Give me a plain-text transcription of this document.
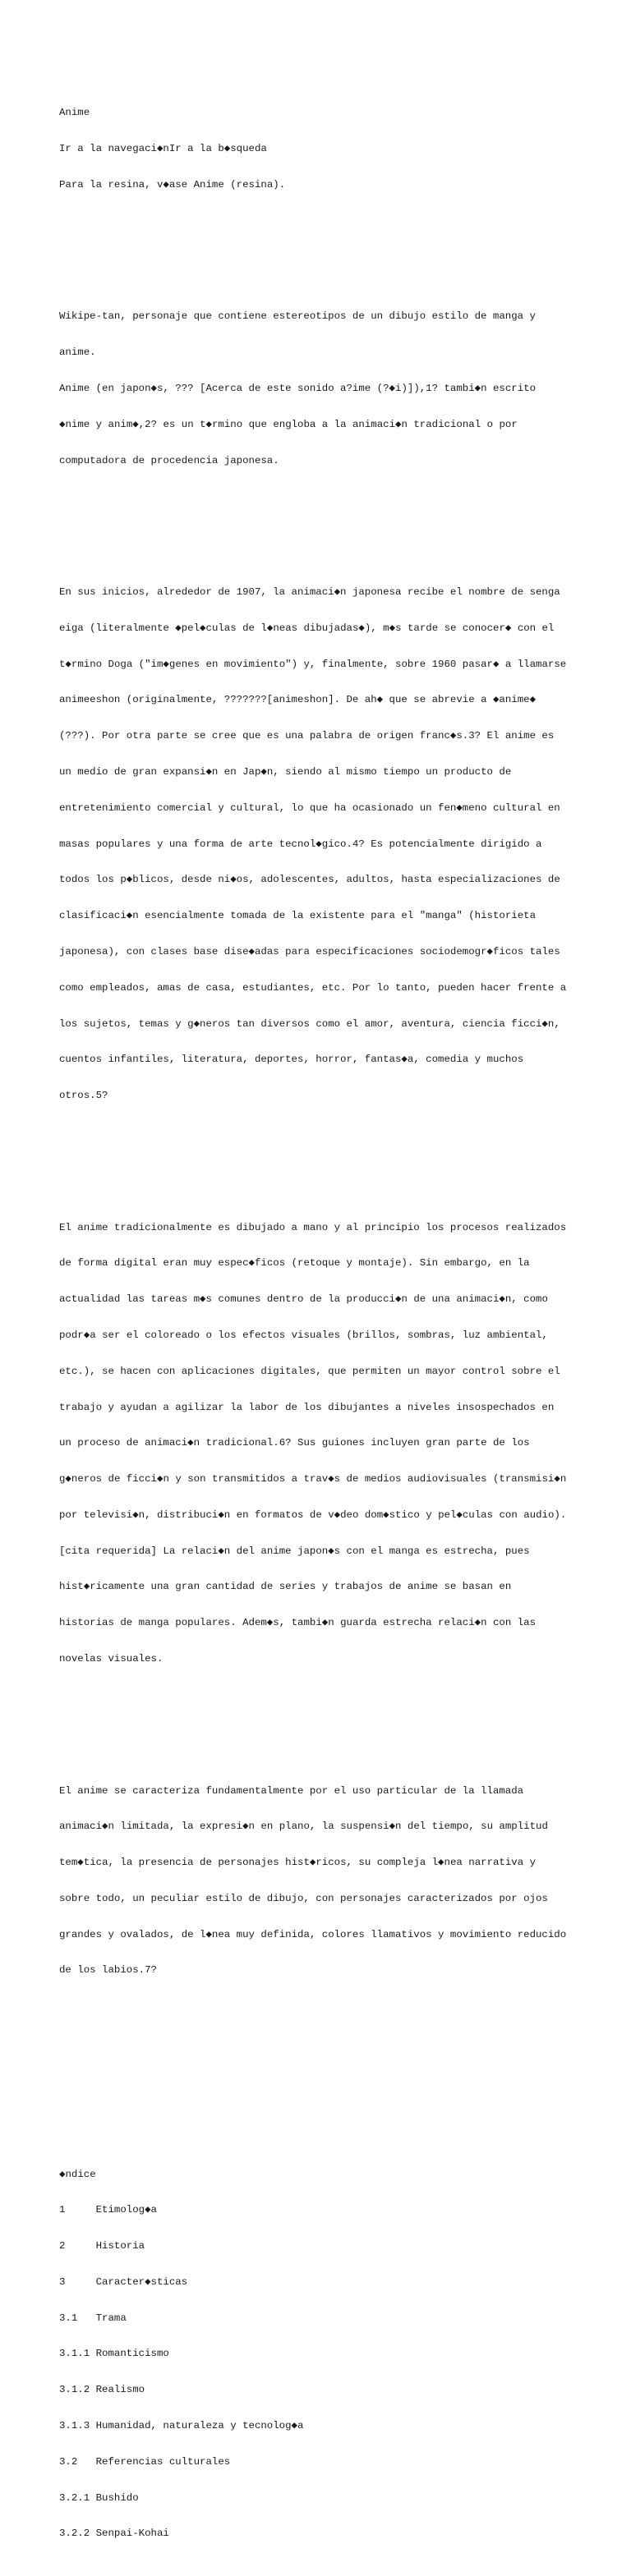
Anime

Ir a la navegaci◆nIr a la b◆squeda

Para la resina, v◆ase Anime (resina).

Wikipe-tan, personaje que contiene estereotipos de un dibujo estilo de manga y

anime.

Anime (en japon◆s, ??? [Acerca de este sonido a?ime (?◆i)]),1? tambi◆n escrito

◆nime y anim◆,2? es un t◆rmino que engloba a la animaci◆n tradicional o por

computadora de procedencia japonesa.

En sus inicios, alrededor de 1907, la animaci◆n japonesa recibe el nombre de senga

eiga (literalmente ◆pel◆culas de l◆neas dibujadas◆), m◆s tarde se conocer◆ con el

t◆rmino Doga ("im◆genes en movimiento") y, finalmente, sobre 1960 pasar◆ a llamarse

animeeshon (originalmente, ???????[animeshon]. De ah◆ que se abrevie a ◆anime◆

(???). Por otra parte se cree que es una palabra de origen franc◆s.3? El anime es

un medio de gran expansi◆n en Jap◆n, siendo al mismo tiempo un producto de

entretenimiento comercial y cultural, lo que ha ocasionado un fen◆meno cultural en

masas populares y una forma de arte tecnol◆gico.4? Es potencialmente dirigido a

todos los p◆blicos, desde ni◆os, adolescentes, adultos, hasta especializaciones de

clasificaci◆n esencialmente tomada de la existente para el "manga" (historieta

japonesa), con clases base dise◆adas para especificaciones sociodemogr◆ficos tales

como empleados, amas de casa, estudiantes, etc. Por lo tanto, pueden hacer frente a

los sujetos, temas y g◆neros tan diversos como el amor, aventura, ciencia ficci◆n,

cuentos infantiles, literatura, deportes, horror, fantas◆a, comedia y muchos

otros.5?

El anime tradicionalmente es dibujado a mano y al principio los procesos realizados

de forma digital eran muy espec◆ficos (retoque y montaje). Sin embargo, en la

actualidad las tareas m◆s comunes dentro de la producci◆n de una animaci◆n, como

podr◆a ser el coloreado o los efectos visuales (brillos, sombras, luz ambiental,

etc.), se hacen con aplicaciones digitales, que permiten un mayor control sobre el

trabajo y ayudan a agilizar la labor de los dibujantes a niveles insospechados en

un proceso de animaci◆n tradicional.6? Sus guiones incluyen gran parte de los

g◆neros de ficci◆n y son transmitidos a trav◆s de medios audiovisuales (transmisi◆n

por televisi◆n, distribuci◆n en formatos de v◆deo dom◆stico y pel◆culas con audio).

[cita requerida] La relaci◆n del anime japon◆s con el manga es estrecha, pues

hist◆ricamente una gran cantidad de series y trabajos de anime se basan en

historias de manga populares. Adem◆s, tambi◆n guarda estrecha relaci◆n con las

novelas visuales.

El anime se caracteriza fundamentalmente por el uso particular de la llamada

animaci◆n limitada, la expresi◆n en plano, la suspensi◆n del tiempo, su amplitud

tem◆tica, la presencia de personajes hist◆ricos, su compleja l◆nea narrativa y

sobre todo, un peculiar estilo de dibujo, con personajes caracterizados por ojos

grandes y ovalados, de l◆nea muy definida, colores llamativos y movimiento reducido

de los labios.7?

◆ndice

1     Etimolog◆a

2     Historia

3     Caracter◆sticas

3.1   Trama

3.1.1 Romanticismo

3.1.2 Realismo

3.1.3 Humanidad, naturaleza y tecnolog◆a

3.2   Referencias culturales

3.2.1 Bushido

3.2.2 Senpai-Kohai
